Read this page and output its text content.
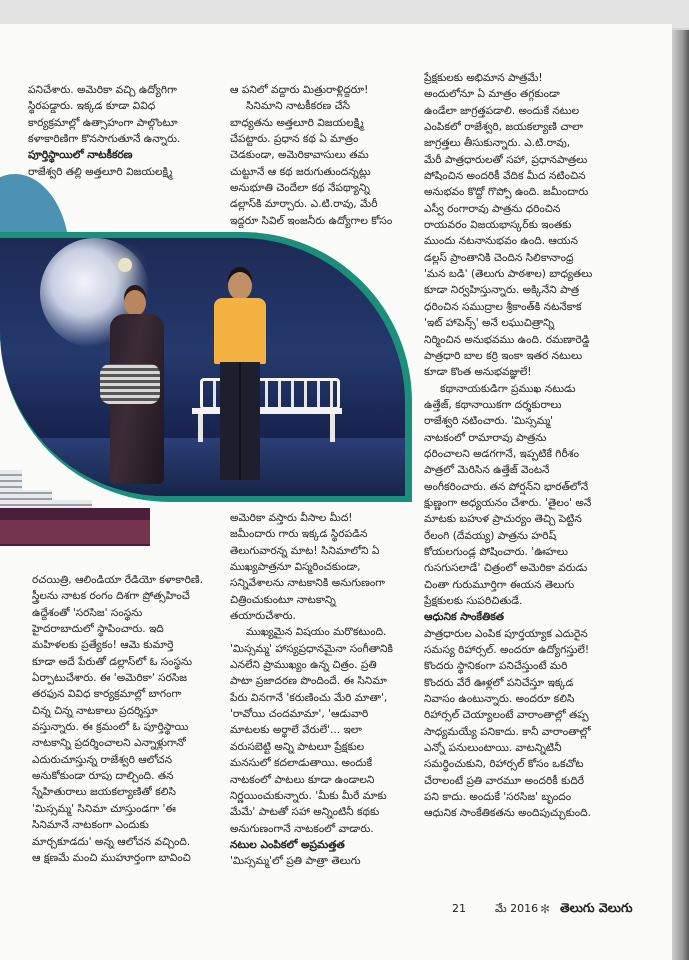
పనిచేశారు. అమెరికా వచ్చి ఉద్యోగిగా

స్థిరపడ్డారు. ఇక్కడ కూడా వివిధ

కార్యక్రమాల్లో ఉత్సాహంగా పాల్గొంటూ

కళాకారిణిగా కొనసాగుతూనే ఉన్నారు.

పూర్తిస్థాయిలో నాటకీకరణ

రాజేశ్వరి తల్లి అత్తలూరి విజయలక్ష్మి

ఆ పనిలో వద్దారు మిత్రురాళ్లిద్దరూ!

సినిమాని నాటకీకరణ చేసే

బాధ్యతను అత్తలూరి విజయలక్ష్మి

చేపట్టారు. ప్రధాన కథ ఏ మాత్రం

చెడకుండా, అమెరికావాసులు తమ

చుట్టూనే ఆ కథ జరుగుతుందన్నట్లు

అనుభూతి చెందేలా కథ నేపథ్యాన్ని

డల్లాస్‌కి మార్చారు. ఎ.టి.రావు, మేరీ

ఇద్దరూ సివిల్ ఇంజనీరు ఉద్యోగాల కోసం

రచయిత్రి, ఆలిండియా రేడియో కళాకారిణి.

స్త్రీలను నాటక రంగం దిశగా ప్రోత్సహించే

ఉద్దేశంతో 'సరసిజ' సంస్థను

హైదరాబాదులో స్థాపించారు. ఇది

మహిళలకు ప్రత్యేకం! ఆమె కుమార్తె

కూడా అదే పేరుతో డల్లాస్‌లో ఓ సంస్థను

ఏర్పాటుచేశారు. ఈ 'అమెరికా' సరసిజ

తరఫున వివిధ కార్యక్రమాల్లో బాగంగా

చిన్న చిన్న నాటకాలు ప్రదర్శిస్తూ

వస్తున్నారు. ఈ క్రమంలో ఓ పూర్తిస్థాయి

నాటకాన్ని ప్రదర్శించాలని ఎన్నాళ్లుగానో

ఎదురుచూస్తున్న రాజేశ్వరి ఆలోచన

అనుకోకుండా రూపు దాల్చింది. తన

స్నేహితురాలు జయకల్యాణితో కలిసి

'మిస్సమ్మ' సినిమా చూస్తుండగా 'ఈ

సినిమానే నాటకంగా ఎందుకు

మార్చకూడదు' అన్న ఆలోచన వచ్చింది.

ఆ క్షణమే మంచి ముహూర్తంగా బావించి

అమెరికా వస్తారు వీసాల మీద!

జమీందారు గారు ఇక్కడ స్థిరపడిన

తెలుగువారన్న మాట! సినిమాలోని ఏ

ముఖ్యపాత్రనూ విస్మరించకుండా,

సన్నివేశాలను నాటకానికి అనుగుణంగా

చిత్రించుకుంటూ నాటకాన్ని

తయారుచేశారు.

ముఖ్యమైన విషయం మరొకటుంది.

'మిస్సమ్మ' హాస్యప్రధానమైనా సంగీతానికి

ఎనలేని ప్రాముఖ్యం ఉన్న చిత్రం. ప్రతి

పాటా ప్రజాదరణ పొందిందే. ఈ సినిమా

పేరు వినగానే 'కరుణించు మేరి మాతా',

'రావోయి చందమామా', 'ఆడువారి

మాటలకు అర్థాలే వేరులే'... ఇలా

వరుసబెట్టి అన్ని పాటలూ ప్రేక్షకుల

మనసులో కదలాడుతాయి. అందుకే

నాటకంలో పాటలు కూడా ఉండాలని

నిర్ణయించుకున్నారు. 'మీకు మీరే మాకు

మేమే' పాటతో సహా అన్నింటినీ కథకు

అనుగుణంగానే నాటకంలో వాడారు.

నటుల ఎంపికలో అప్రమత్తత

'మిస్సమ్మ'లో ప్రతి పాత్రా తెలుగు

ప్రేక్షకులకు అభిమాన పాత్రమే!

అందులోనూ ఏ మాత్రం తగ్గకుండా

ఉండేలా జాగ్రత్తపడాలి. అందుకే నటుల

ఎంపికలో రాజేశ్వరి, జయకల్యాణి చాలా

జాగ్రత్తలు తీసుకున్నారు. ఎ.టి.రావు,

మేరీ పాత్రధారులతో సహా, ప్రధానపాత్రలు

పోషించిన అందరికీ వేదిక మీద నటించిన

అనుభవం కొద్దో గొప్పో ఉంది. జమీందారు

ఎస్వీ రంగారావు పాత్రను ధరించిన

రాయవరం విజయభాస్కర్‌కు ఇంతకు

ముందు నటనానుభవం ఉంది. ఆయన

డల్లస్ ప్రాంతానికి చెందిన సిలికానాంధ్ర

'మన బడి' (తెలుగు పాఠశాల) బాధ్యతలు

కూడా నిర్వహిస్తున్నారు. అక్కినేని పాత్ర

ధరించిన సముద్రాల శ్రీకాంత్‌కి నటనేకాక

'ఇట్ హాపెన్స్' అనే లఘుచిత్రాన్ని

నిర్మించిన అనుభవము ఉంది. రమణారెడ్డి

పాత్రధారి బాల కర్రి ఇంకా ఇతర నటులు

కూడా కొంత అనుభవజ్ఞులే!

కథానాయకుడిగా ప్రముఖ నటుడు

ఉత్తేజ్, కథానాయికగా దర్శకురాలు

రాజేశ్వరి నటించారు. 'మిస్సమ్మ'

నాటకంలో రామారావు పాత్రను

ధరించాలని అడగగానే, ఇప్పటికే గిరీశం

పాత్రలో మెరిసిన ఉత్తేజ్ వెంటనే

అంగీకరించారు. తన పోర్షన్‌ని భారత్‌లోనే

క్షుణ్ణంగా అధ్యయనం చేశారు. 'తైలం' అనే

మాటకు బహుళ ప్రాచుర్యం తెచ్చి పెట్టిన

రేలంగి (దేవయ్య) పాత్రను హరిష్

కోయలగుండ్ల పోషించారు. 'ఊహలు

గుసగుసలాడే' చిత్రంలో అమెరికా వరుడు

చింతా గురుమూర్తిగా ఈయన తెలుగు

ప్రేక్షకులకు సుపరిచితుడే.

ఆధునిక సాంకేతికత

పాత్రధారుల ఎంపిక పూర్తయ్యాక ఎదురైన

సమస్య రిహార్సల్. అందరూ ఉద్యోగస్తులే!

కొందరు స్థానికంగా పనిచేస్తుంటే మరి

కొందరు వేరే ఊళ్లలో పనిచేస్తూ ఇక్కడ

నివాసం ఉంటున్నారు. అందరూ కలిసి

రిహార్సల్ చెయ్యాలంటే వారాంతాల్లో తప్ప

సాధ్యమయ్యే పనికాదు. కానీ వారాంతాల్లో

ఎన్నో పనులుంటాయి. వాటన్నిటినీ

సమర్థించుకుని, రిహార్సల్ కోసం ఒకచోట

చేరాలంటే ప్రతి వారమూ అందరికీ కుదిరే

పని కాదు. అందుకే 'సరసిజ' బృందం

ఆధునిక సాంకేతికతను అందిపుచ్చుకుంది.

21	మే 2016 ✻ తెలుగు వెలుగు
